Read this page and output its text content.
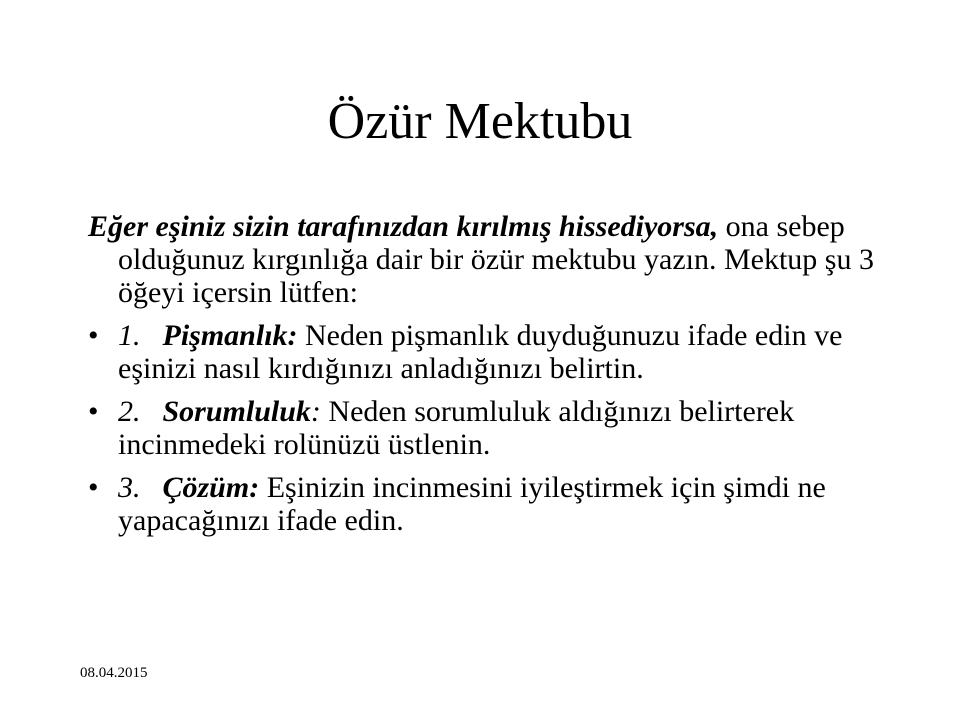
Özür Mektubu

Eğer eşiniz sizin tarafınızdan kırılmış hissediyorsa, ona sebep olduğunuz kırgınlığa dair bir özür mektubu yazın. Mektup şu 3 öğeyi içersin lütfen:

• 1. Pişmanlık: Neden pişmanlık duyduğunuzu ifade edin ve eşinizi nasıl kırdığınızı anladığınızı belirtin.
• 2. Sorumluluk: Neden sorumluluk aldığınızı belirterek incinmedeki rolünüzü üstlenin.
• 3. Çözüm: Eşinizin incinmesini iyileştirmek için şimdi ne yapacağınızı ifade edin.
08.04.2015
